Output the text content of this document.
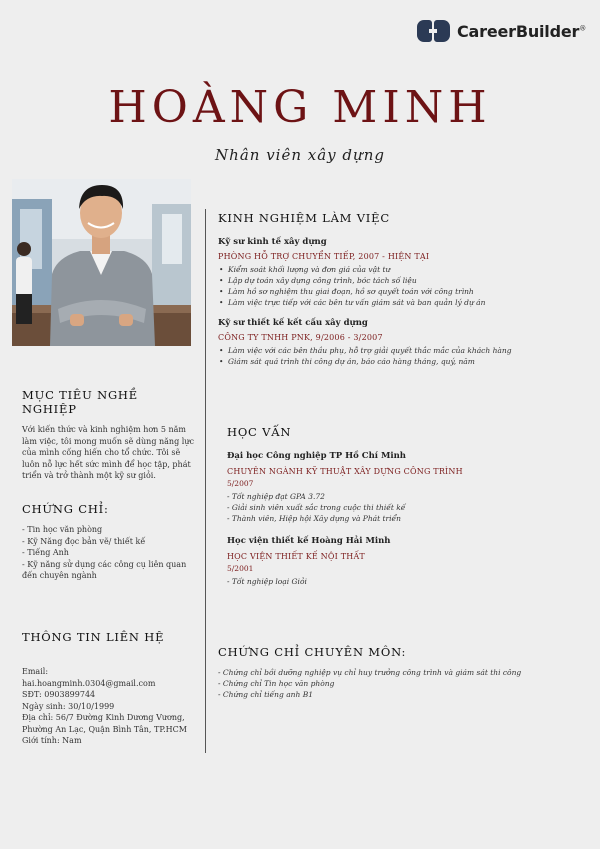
CareerBuilder®
HOÀNG MINH
Nhân viên xây dựng
MỤC TIÊU NGHỀ NGHIỆP

Với kiến thức và kinh nghiệm hơn 5 năm làm việc, tôi mong muốn sẽ dùng năng lực của mình cống hiến cho tổ chức. Tôi sẽ luôn nỗ lực hết sức mình để học tập, phát triển và trở thành một kỹ sư giỏi.

CHỨNG CHỈ:
- Tin học văn phòng
- Kỹ Năng đọc bản vẽ/ thiết kế
- Tiếng Anh
- Kỹ năng sử dụng các công cụ liên quan đến chuyên ngành
THÔNG TIN LIÊN HỆ

Email:

hai.hoangminh.0304@gmail.com

SĐT: 0903899744

Ngày sinh: 30/10/1999

Địa chỉ: 56/7 Đường Kinh Dương Vương, Phường An Lạc, Quận Bình Tân, TP.HCM

Giới tính: Nam

KINH NGHIỆM LÀM VIỆC
Kỹ sư kinh tế xây dựng
PHÒNG HỖ TRỢ CHUYỂN TIẾP, 2007 - HIỆN TẠI
• Kiểm soát khối lượng và đơn giá của vật tư
• Lập dự toán xây dựng công trình, bóc tách số liệu
• Làm hồ sơ nghiệm thu giai đoạn, hồ sơ quyết toán với công trình
• Làm việc trực tiếp với các bên tư vấn giám sát và ban quản lý dự án
Kỹ sư thiết kế kết cấu xây dựng
CÔNG TY TNHH PNK, 9/2006 - 3/2007
• Làm việc với các bên thầu phụ, hỗ trợ giải quyết thắc mắc của khách hàng
• Giám sát quá trình thi công dự án, báo cáo hàng tháng, quý, năm
HỌC VẤN
Đại học Công nghiệp TP Hồ Chí Minh
CHUYÊN NGÀNH KỸ THUẬT XÂY DỰNG CÔNG TRÌNH
5/2007
- Tốt nghiệp đạt GPA 3.72
- Giải sinh viên xuất sắc trong cuộc thi thiết kế
- Thành viên, Hiệp hội Xây dựng và Phát triển
Học viện thiết kế Hoàng Hải Minh
HỌC VIỆN THIẾT KẾ NỘI THẤT
5/2001
- Tốt nghiệp loại Giỏi
CHỨNG CHỈ CHUYÊN MÔN:
- Chứng chỉ bồi dưỡng nghiệp vụ chỉ huy trưởng công trình và giám sát thi công
- Chứng chỉ Tin học văn phòng
- Chứng chỉ tiếng anh B1
